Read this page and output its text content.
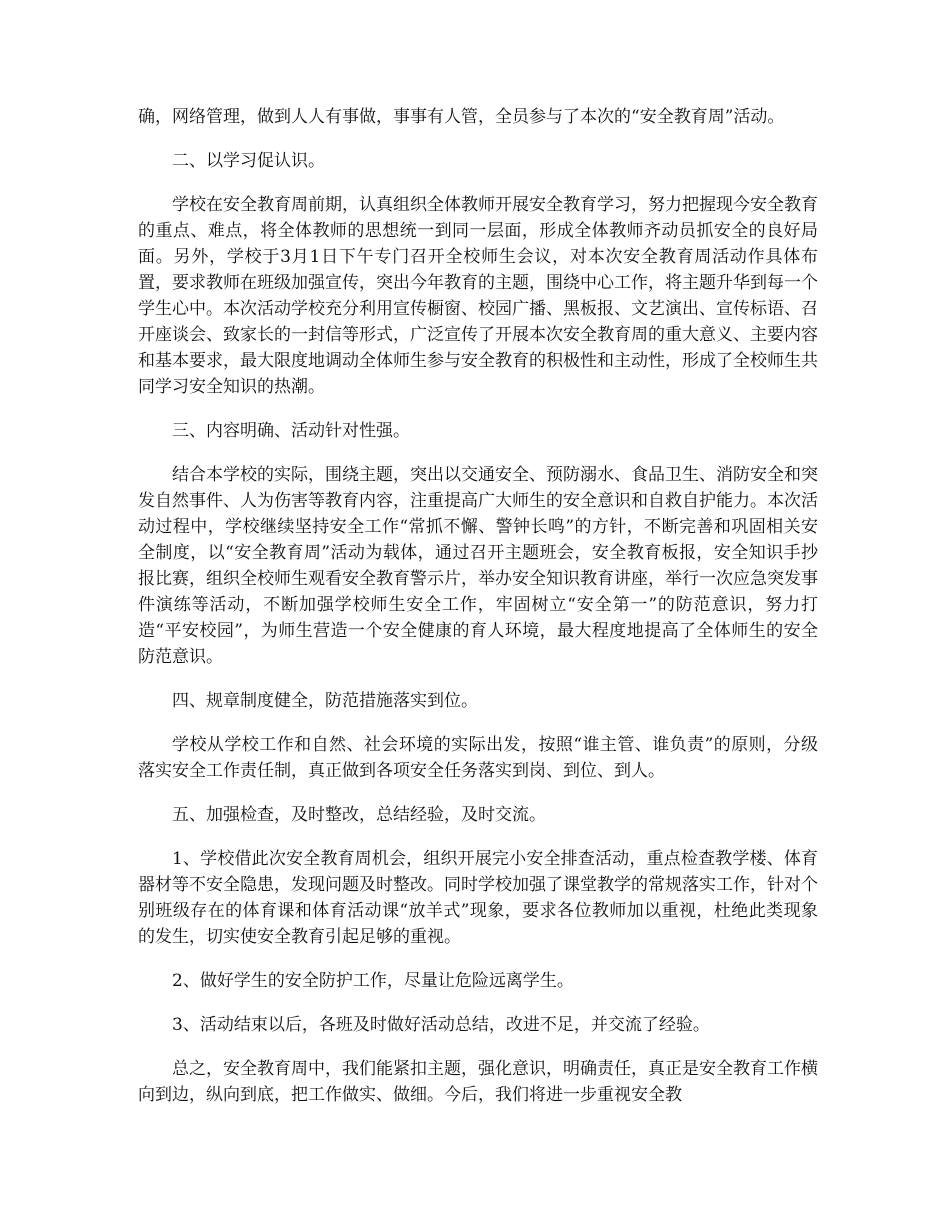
确，网络管理，做到人人有事做，事事有人管，全员参与了本次的“安全教育周”活动。

二、以学习促认识。

学校在安全教育周前期，认真组织全体教师开展安全教育学习，努力把握现今安全教育的重点、难点，将全体教师的思想统一到同一层面，形成全体教师齐动员抓安全的良好局面。另外，学校于3月1日下午专门召开全校师生会议，对本次安全教育周活动作具体布置，要求教师在班级加强宣传，突出今年教育的主题，围绕中心工作，将主题升华到每一个学生心中。本次活动学校充分利用宣传橱窗、校园广播、黑板报、文艺演出、宣传标语、召开座谈会、致家长的一封信等形式，广泛宣传了开展本次安全教育周的重大意义、主要内容和基本要求，最大限度地调动全体师生参与安全教育的积极性和主动性，形成了全校师生共同学习安全知识的热潮。

三、内容明确、活动针对性强。

结合本学校的实际，围绕主题，突出以交通安全、预防溺水、食品卫生、消防安全和突发自然事件、人为伤害等教育内容，注重提高广大师生的安全意识和自救自护能力。本次活动过程中，学校继续坚持安全工作“常抓不懈、警钟长鸣”的方针，不断完善和巩固相关安全制度，以“安全教育周”活动为载体，通过召开主题班会，安全教育板报，安全知识手抄报比赛，组织全校师生观看安全教育警示片，举办安全知识教育讲座，举行一次应急突发事件演练等活动，不断加强学校师生安全工作，牢固树立“安全第一”的防范意识，努力打造“平安校园”，为师生营造一个安全健康的育人环境，最大程度地提高了全体师生的安全防范意识。

四、规章制度健全，防范措施落实到位。

学校从学校工作和自然、社会环境的实际出发，按照“谁主管、谁负责”的原则，分级落实安全工作责任制，真正做到各项安全任务落实到岗、到位、到人。

五、加强检查，及时整改，总结经验，及时交流。

1、学校借此次安全教育周机会，组织开展完小安全排查活动，重点检查教学楼、体育器材等不安全隐患，发现问题及时整改。同时学校加强了课堂教学的常规落实工作，针对个别班级存在的体育课和体育活动课“放羊式”现象，要求各位教师加以重视，杜绝此类现象的发生，切实使安全教育引起足够的重视。

2、做好学生的安全防护工作，尽量让危险远离学生。

3、活动结束以后，各班及时做好活动总结，改进不足，并交流了经验。

总之，安全教育周中，我们能紧扣主题，强化意识，明确责任，真正是安全教育工作横向到边，纵向到底，把工作做实、做细。今后，我们将进一步重视安全教
